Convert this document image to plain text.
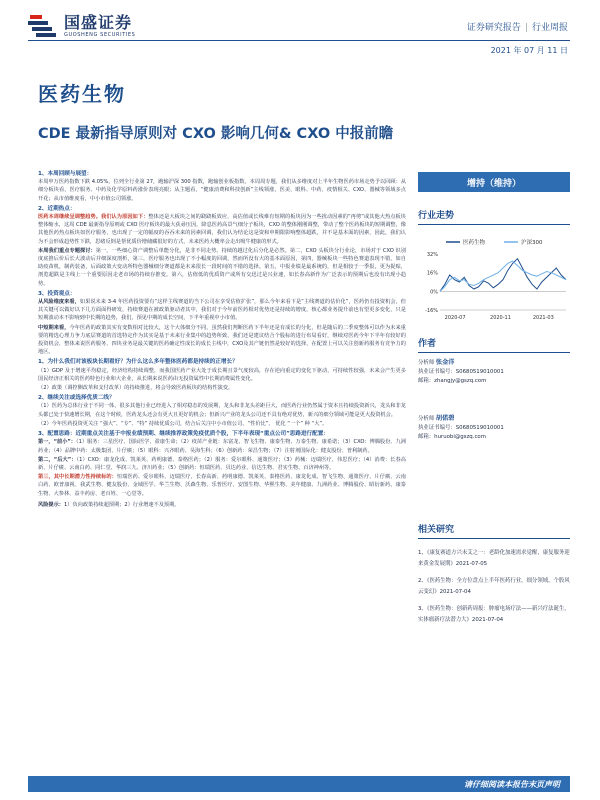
国盛证券
GUOSHENG SECURITIES
证券研究报告 | 行业周报
2021 年 07 月 11 日
医药生物
CDE 最新指导原则对 CXO 影响几何& CXO 中报前瞻
1、本周回顾与展望：
本周申万医药指数下跌 4.05%，位列全行业第 27，跑输沪深 300 指数，跑输创业板指数。本周周专题，我们从多维度对上半年生物医药市场走势予以回顾：从细分板块看，医疗服务、中药及化学原料药涨价表现亮眼；从主题看，“健康消费和科技创新”主线领涨，医美、眼科、中药、疫情相关、CXO、器械等领域多点开花；从市值维度看，中小市值公司领涨。
2、近期热点：
医药本周继续呈调整趋势。我们认为原因如下：整体还是大板块之间的跷跷板效应，高估值或长线难有短期的板块因为一些扰动因素的“再剪”或其他大热点板块整体缩水，这周 CDE 最新指导原则或 CXO 医疗板块的最大获尋压因，降息医药高景气细分子板块，CXO 的整体刚刚调整，带动了整个医药板块的短期调整，像其他医药热点板块如医疗服务，也出现了一定的幅度的吞吞未来的因素回调，我们认为结论这是资和申期限影响整体超跌，并不是基本面的因素，因此，我们认为不会形成趋势性下跌，思绪反倒是帮优质价增储藏很好的方式，未来医药大概率会走出吸牛健康的形式。
本周我们重点专题探讨：第一，一些细心资产调整后单能分化，是非不同走势。持续的越过化后分化是必然。第二，CXO 头板块分行业论，市场对于 CXO 识别度底推后价后长大波动后并细深度剖析，第三，医疗服务也出现了不小幅度的回调，然而所没有大的基本面原因，第四，器械板块一些特色赛道表现不错，如自助疫苗机，制药装备，后面政策大变动所特色器械细分赛道都是未来很长一段时间的不错的选择。第五，中报业绩是最系统的，但是相较于一季报，更为捉贴，剖览超跌是主线上一个重要原因走老市场的持续存推变。第六，估值低的优质资产或所有交迅过是兴业速，如长春高新作为广泛表示的预期后也没有出现小趋势。
3、投资观点：
从风险维度来看，如果说未来 3-4 年医药投资要有“这样主线赛道的当下公司在享受估值扩张”，那么今年来看下是“主线赛道的估价化”，医药仍有投资机会，但其关键可以做好以下几方面面得研发，持续赛道在被政策驱动者其中，我们对于今年前医药相对优势还是持续的增度，核心都业务提升前也有望更多变化，只是短期波动本不影响到中长期的趋势，我们，预见中期的成长空间，下半年重视中小市值。
中短期来看，今年医药的政策其实有变数相对比较大，这个大体细分不同，虽然我们判断医药下半年还是有成长的分化，但是随后的二季度整体可以作为未来重要的精选心理力争力底层赛道的首选特定作为其实是基于未来行业集中的趋势所致，我们还是建议结合个股标的进行布局看好，继续对医药今年下半年有较好的投资机会，整体来说医药服务、四块业务是最关键的医药确定性成长的成长主线中，CXO及其产链仍然是较好的选择，在配置上可以关注创新药服务有竞争力的地区。
1、为什么我们对该板块长期看好？为什么这么多年整体医药都是持续的正增长？
（1）GDP 及于增速平均稳定，经济结构持续调整，而我国医药产业大处于成长期且景气度较高，存在逆向重定的变化下驱动，可持续性较强，未来会产生更多国民经济正相关的医药特色行业和大企业，从长期来说医药由无投资属性中长期消费属性变化。
（2）政策（调控侧改革和支付改革）的持续推进，将会导致医药板块的结构性演变。
2、继续关注或选择优质二线？
（1）医药为总体行业于不同一体，很多其他行业已经进入了相对稳态的发展期，龙头和非龙头差距巨大，而医药行业仍然属于资本且持续投资新兴，龙头和非龙头都已处于快速增长期，在这个时候，医药龙头还会有更大且更好的机会；但新兴产业的龙头公司还不具有绝对优势，新兴的细分领域可能是更大投资机会。
（2）今年医药投资更关注 “强大”、“专”、“特” 持续优质公司，结合后关注中小市值公司、“性价比”、 优化 “一个” 种 “大”。
3、配置思路：近期重点关注基于中报业绩预期、继续推荐政策免疫优质个股，下半年表现“重点公司”思路进行配置：
第一，“前小”：（1）服务：三星医疗、国际医学、盈康生命；（2）疫苗产业链：东富龙、智飞生物、康泰生物、万泰生物、康希诺；（3）CXO：博腾股份、九洲药业；（4）品牌中药：太极集团、片仔癀；（5）眼科：兴齐眼药、昊海生科；（6）创新药：荣昌生物；（7）注射剂国际化：健友股份、普利制药。
第二，“后大”：（1）CXO：康龙化成、凯莱英、药明康德、泰格医药；（2）服务：爱尔眼科、通策医疗；（3）药械：迈瑞医疗、伟思医疗；（4）消费：长春高新、片仔癀、云南白药、同仁堂、华润三九、济川药业；（5）创新药：恒瑞医药、贝达药业、信达生物、君实生物、百济神州等。
第三，其中长期潜力性持续标的：恒瑞医药、爱尔眼科、迈瑞医疗、长春高新、药明康德、凯莱英、泰格医药、康龙化成、智飞生物、通策医疗、片仔癀、云南白药、欧普康视、我武生物、健友股份、金域医学、华兰生物、沃森生物、乐普医疗、安图生物、华熙生物、美年健康、九洲药业、博腾股份、昭衍新药、康泰生物、大参林、益丰药房、老百姓、一心堂等。
风险提示：1）负向政策持续超预期；2）行业增速不及预期。
增持（维持）
行业走势
医药生物	沪深300
32%
16%
0%
-16%
2020-07	2020-11	2021-03
作者
分析师 张金洋
执业证书编号：S0680519010001
邮箱：zhangjy@gszq.com
分析师 胡偌碧
执业证书编号：S0680519010001
邮箱：huruobi@gszq.com
相关研究
1、《康复赛道方兴未艾之一：老龄化加速需求觉醒，康复服务迎来黄金发展期》2021-07-05
2、《医药生物：全方位盘点上半年医药行业，细分领域，个股风云变幻》2021-07-04
3、《医药生物：创新药周报：肿瘤电场疗法——新兴疗法诞生，实体瘤新疗法潜力大》2021-07-04
请仔细阅读本报告末页声明
